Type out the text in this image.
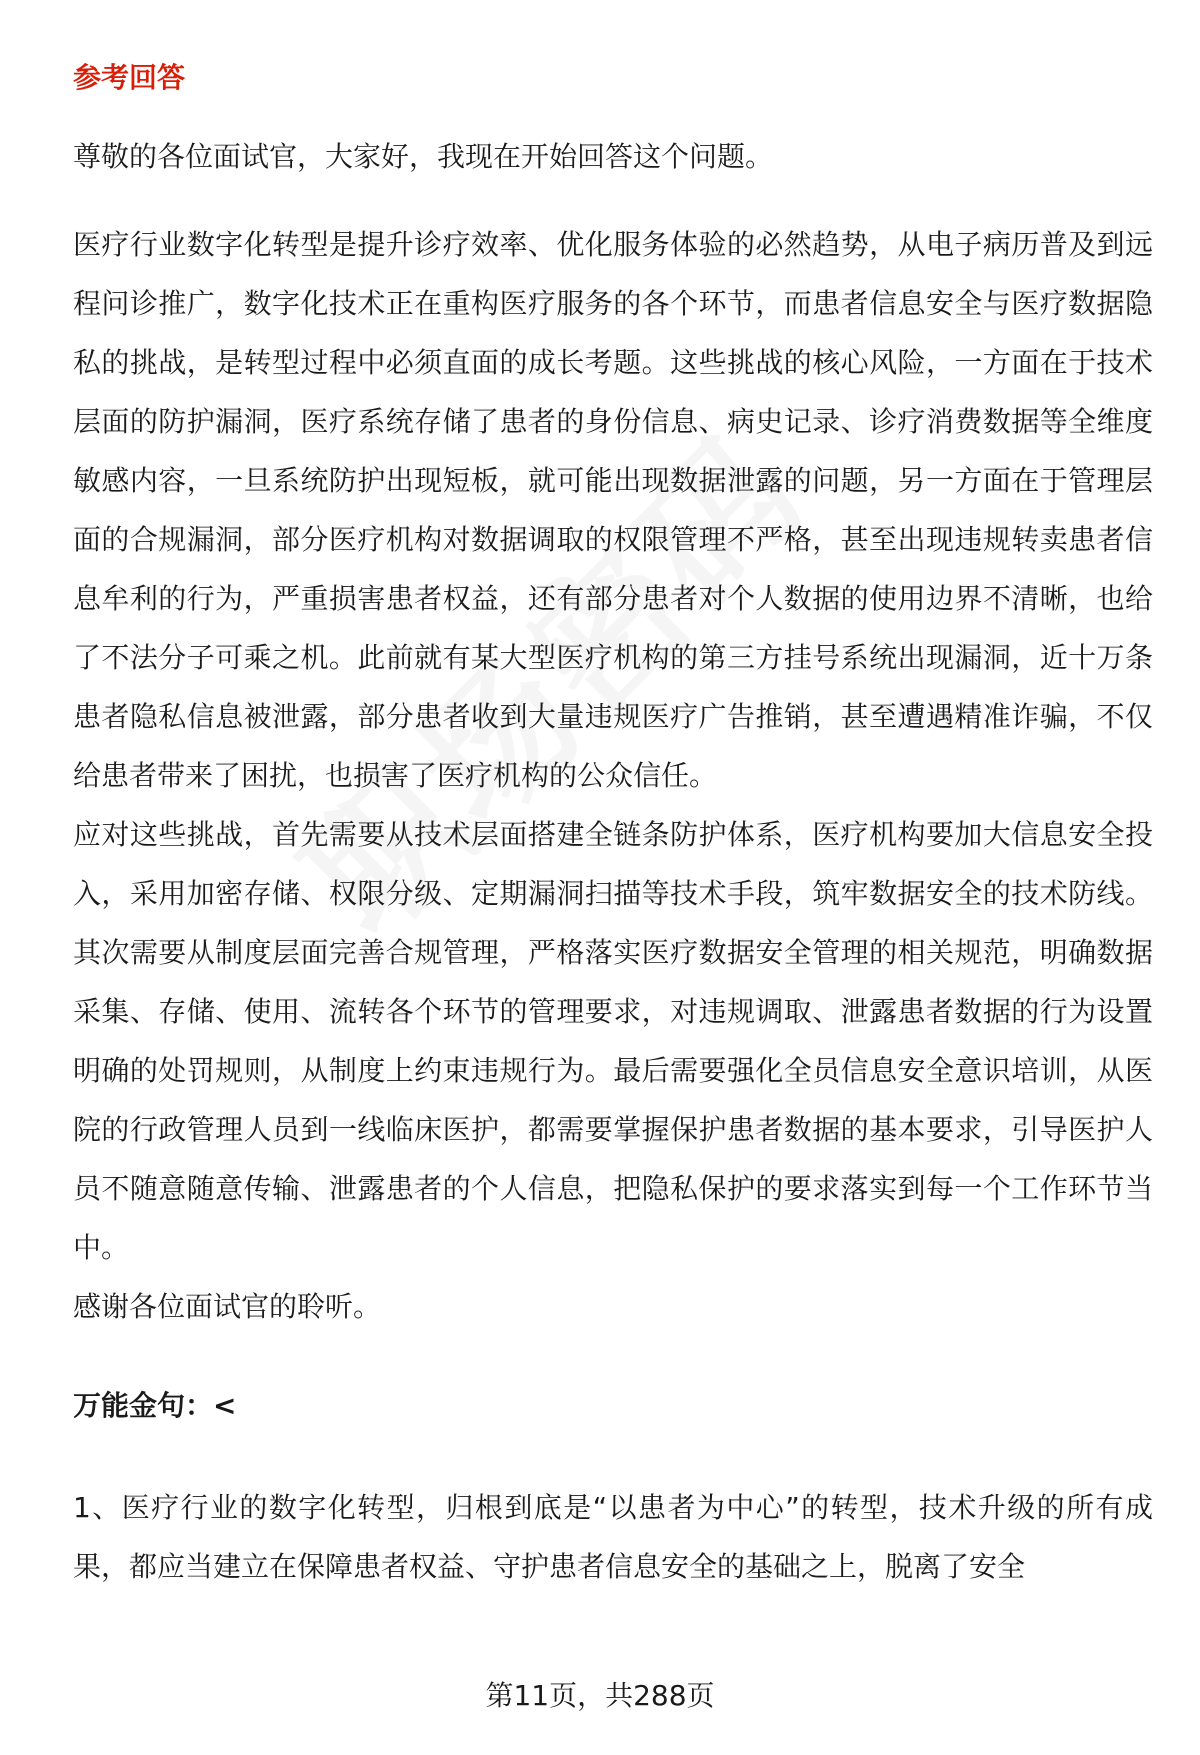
参考回答

尊敬的各位面试官，大家好，我现在开始回答这个问题。

医疗行业数字化转型是提升诊疗效率、优化服务体验的必然趋势，从电子病历普及到远程问诊推广，数字化技术正在重构医疗服务的各个环节，而患者信息安全与医疗数据隐私的挑战，是转型过程中必须直面的成长考题。这些挑战的核心风险，一方面在于技术层面的防护漏洞，医疗系统存储了患者的身份信息、病史记录、诊疗消费数据等全维度敏感内容，一旦系统防护出现短板，就可能出现数据泄露的问题，另一方面在于管理层面的合规漏洞，部分医疗机构对数据调取的权限管理不严格，甚至出现违规转卖患者信息牟利的行为，严重损害患者权益，还有部分患者对个人数据的使用边界不清晰，也给了不法分子可乘之机。此前就有某大型医疗机构的第三方挂号系统出现漏洞，近十万条患者隐私信息被泄露，部分患者收到大量违规医疗广告推销，甚至遭遇精准诈骗，不仅给患者带来了困扰，也损害了医疗机构的公众信任。

应对这些挑战，首先需要从技术层面搭建全链条防护体系，医疗机构要加大信息安全投入，采用加密存储、权限分级、定期漏洞扫描等技术手段，筑牢数据安全的技术防线。其次需要从制度层面完善合规管理，严格落实医疗数据安全管理的相关规范，明确数据采集、存储、使用、流转各个环节的管理要求，对违规调取、泄露患者数据的行为设置明确的处罚规则，从制度上约束违规行为。最后需要强化全员信息安全意识培训，从医院的行政管理人员到一线临床医护，都需要掌握保护患者数据的基本要求，引导医护人员不随意随意传输、泄露患者的个人信息，把隐私保护的要求落实到每一个工作环节当中。

感谢各位面试官的聆听。

万能金句：<

1、医疗行业的数字化转型，归根到底是“以患者为中心”的转型，技术升级的所有成果，都应当建立在保障患者权益、守护患者信息安全的基础之上，脱离了安全

第11页，共288页
